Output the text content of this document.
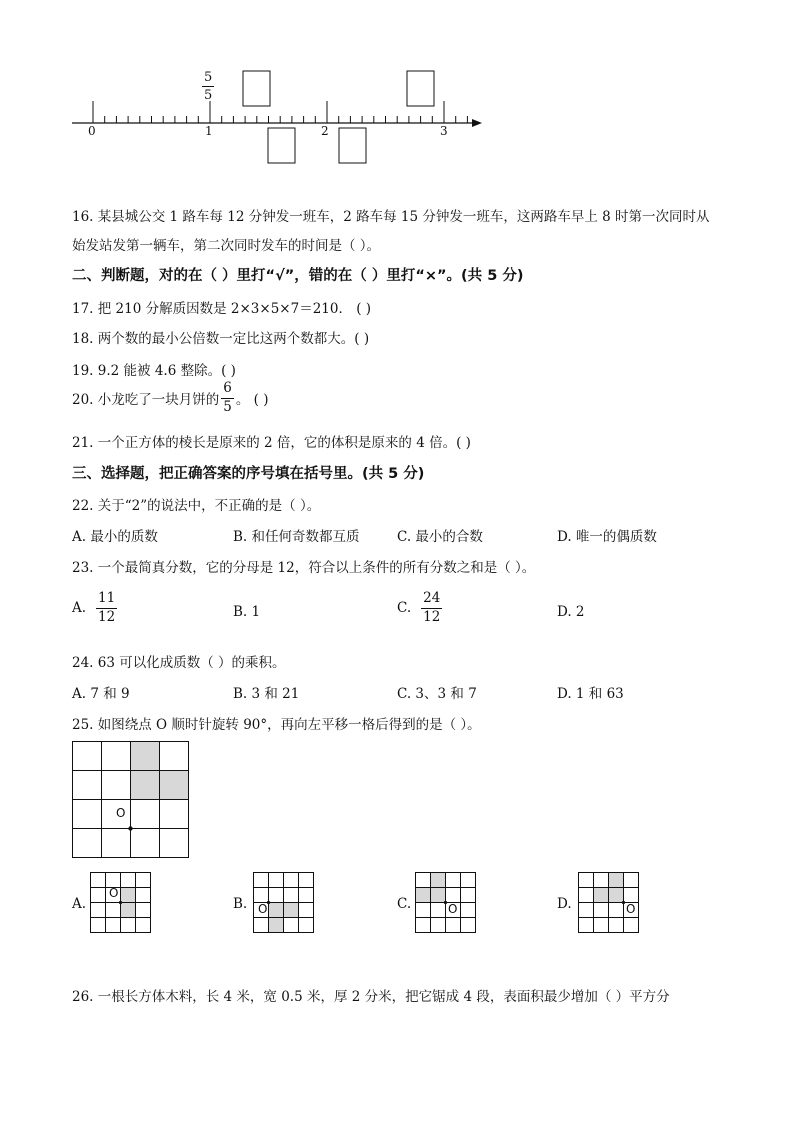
$\frac{5}{5}$
0	1	2	3
16. 某县城公交 1 路车每 12 分钟发一班车，2 路车每 15 分钟发一班车，这两路车早上 8 时第一次同时从
始发站发第一辆车，第二次同时发车的时间是（ ）。
二、判断题，对的在（ ）里打“√”，错的在（ ）里打“×”。(共 5 分)
17. 把 210 分解质因数是 2×3×5×7＝210． ( )
18. 两个数的最小公倍数一定比这两个数都大。( )
19. 9.2 能被 4.6 整除。( )
20. 小龙吃了一块月饼的 $\frac{6}{5}$ 。 ( )
21. 一个正方体的棱长是原来的 2 倍，它的体积是原来的 4 倍。( )
三、选择题，把正确答案的序号填在括号里。(共 5 分)
22. 关于“2”的说法中，不正确的是（ ）。
A. 最小的质数	B. 和任何奇数都互质	C. 最小的合数	D. 唯一的偶质数
23. 一个最简真分数，它的分母是 12，符合以上条件的所有分数之和是（ ）。
A. $\frac{11}{12}$	B. 1	C. $\frac{24}{12}$	D. 2
24. 63 可以化成质数（ ）的乘积。
A. 7 和 9	B. 3 和 21	C. 3、3 和 7	D. 1 和 63
25. 如图绕点 O 顺时针旋转 90°，再向左平移一格后得到的是（ ）。
O
A.
O
B. O	C.	O	D.	O
26. 一根长方体木料，长 4 米，宽 0.5 米，厚 2 分米，把它锯成 4 段，表面积最少增加（ ）平方分
